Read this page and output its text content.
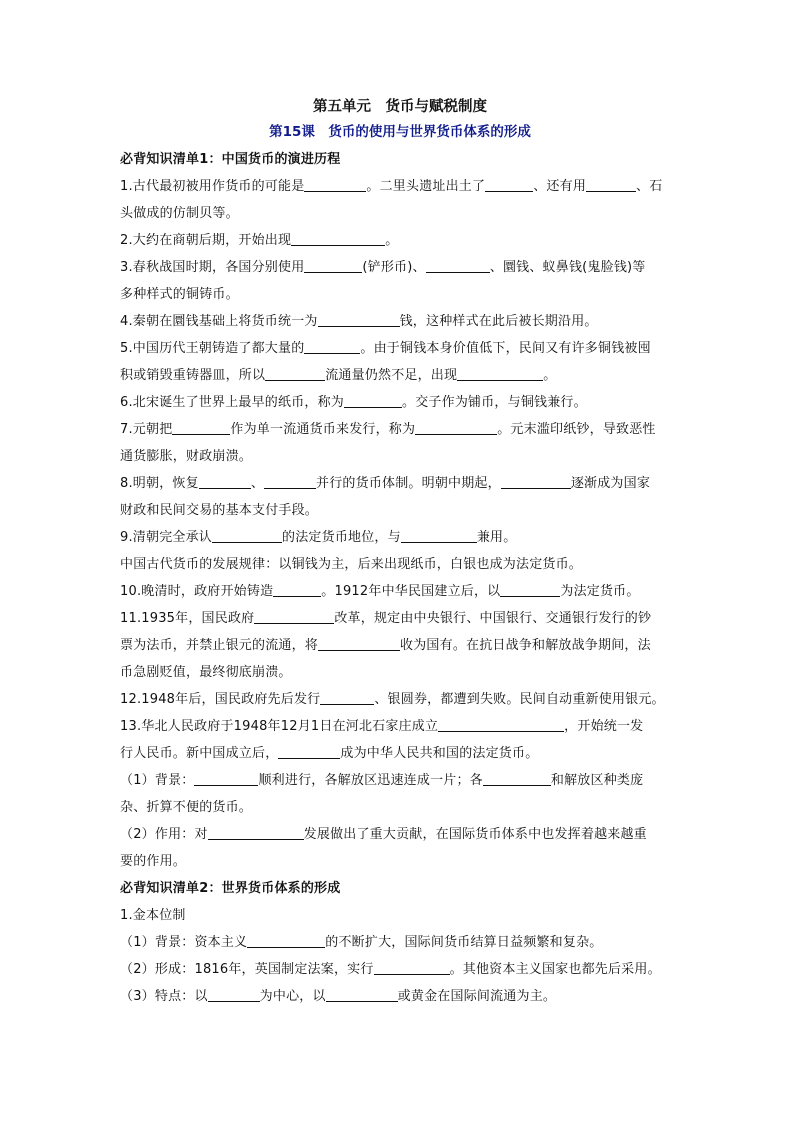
第五单元　货币与赋税制度
第15课　货币的使用与世界货币体系的形成
必背知识清单1：中国货币的演进历程
1.古代最初被用作货币的可能是	。二里头遗址出土了	、还有用	、石
头做成的仿制贝等。
2.大约在商朝后期，开始出现	。
3.春秋战国时期，各国分别使用	(铲形币)、	、圜钱、蚁鼻钱(鬼脸钱)等
多种样式的铜铸币。
4.秦朝在圜钱基础上将货币统一为	钱，这种样式在此后被长期沿用。
5.中国历代王朝铸造了都大量的	。由于铜钱本身价值低下，民间又有许多铜钱被囤
积或销毁重铸器皿，所以	流通量仍然不足，出现	。
6.北宋诞生了世界上最早的纸币，称为	。交子作为铺币，与铜钱兼行。
7.元朝把	作为单一流通货币来发行，称为	。元末滥印纸钞，导致恶性
通货膨胀，财政崩溃。
8.明朝，恢复	、	并行的货币体制。明朝中期起，	逐渐成为国家
财政和民间交易的基本支付手段。
9.清朝完全承认	的法定货币地位，与	兼用。
中国古代货币的发展规律：以铜钱为主，后来出现纸币，白银也成为法定货币。
10.晚清时，政府开始铸造	。1912年中华民国建立后，以	为法定货币。
11.1935年，国民政府	改革，规定由中央银行、中国银行、交通银行发行的钞
票为法币，并禁止银元的流通，将	收为国有。在抗日战争和解放战争期间，法
币急剧贬值，最终彻底崩溃。
12.1948年后，国民政府先后发行	、银圆券，都遭到失败。民间自动重新使用银元。
13.华北人民政府于1948年12月1日在河北石家庄成立	，开始统一发
行人民币。新中国成立后，	成为中华人民共和国的法定货币。
（1）背景：	顺利进行，各解放区迅速连成一片；各	和解放区种类庞
杂、折算不便的货币。
（2）作用：对	发展做出了重大贡献，在国际货币体系中也发挥着越来越重
要的作用。
必背知识清单2：世界货币体系的形成
1.金本位制
（1）背景：资本主义	的不断扩大，国际间货币结算日益频繁和复杂。
（2）形成：1816年，英国制定法案，实行	。其他资本主义国家也都先后采用。
（3）特点：以	为中心，以	或黄金在国际间流通为主。
